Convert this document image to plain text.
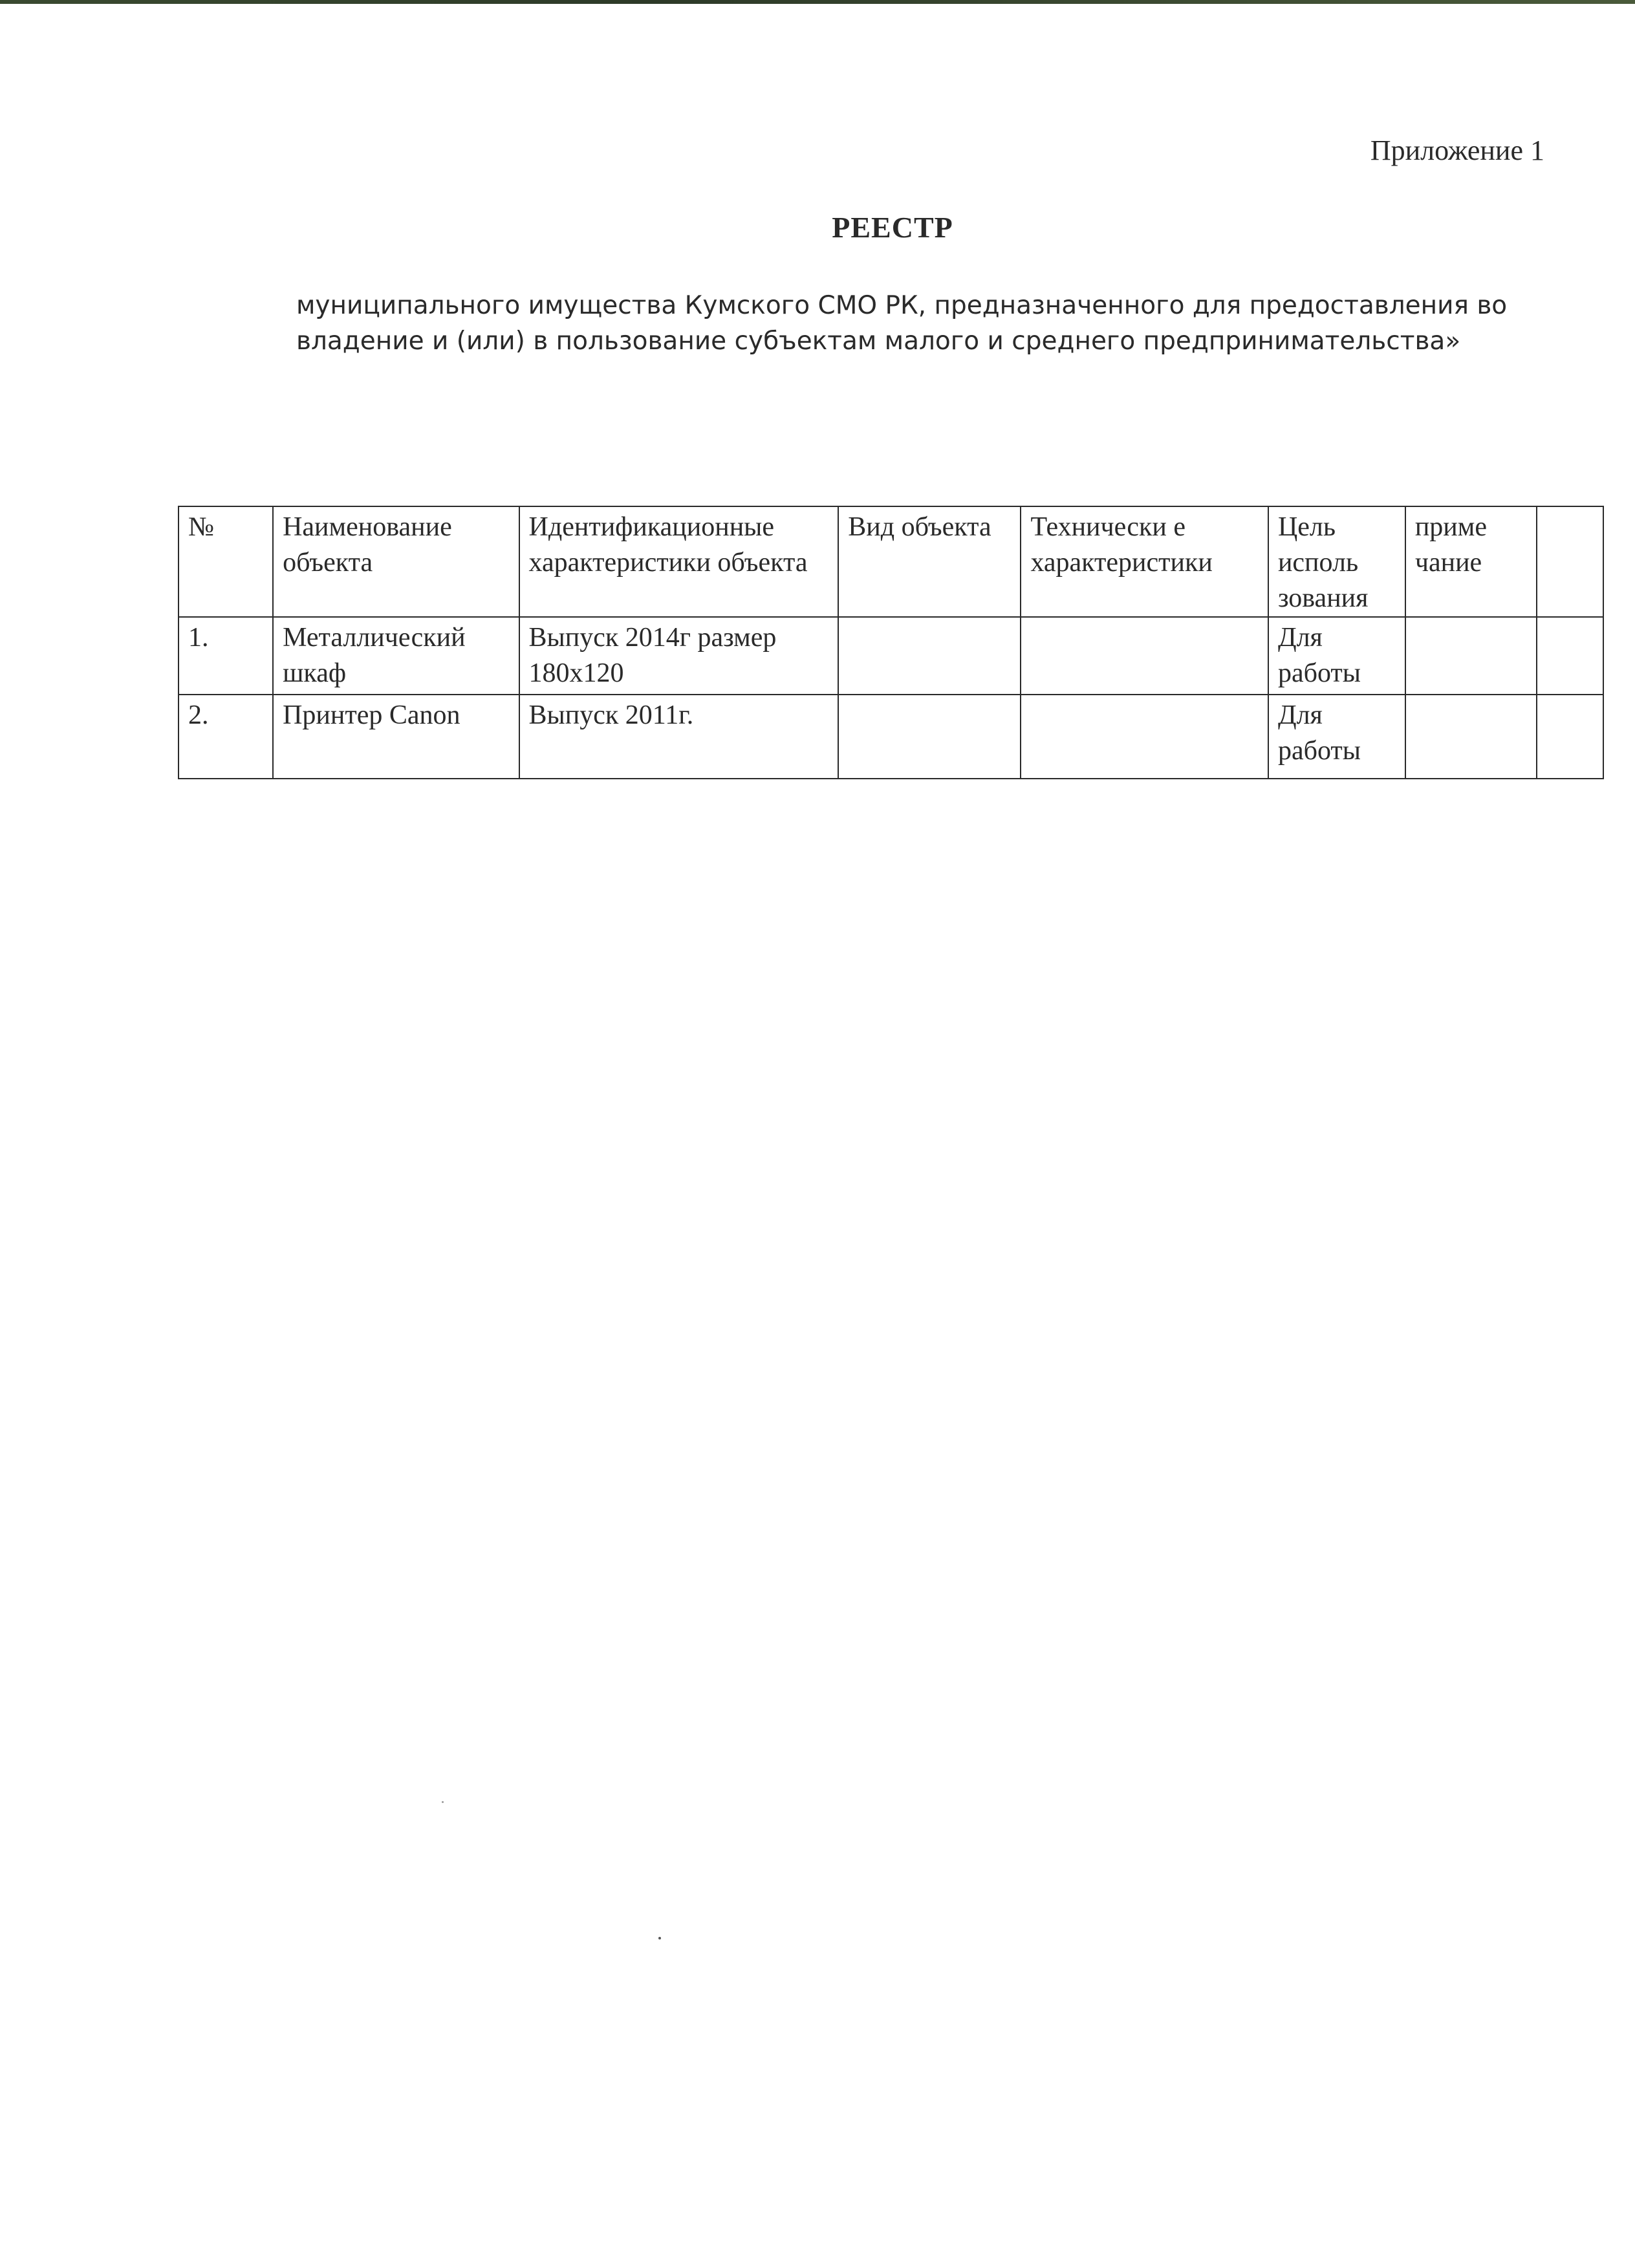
Приложение 1
РЕЕСТР
муниципального имущества Кумского СМО РК, предназначенного для предоставления во владение и (или) в пользование субъектам малого и среднего предпринимательства»
№	Наименование объекта	Идентификационные характеристики объекта	Вид объекта	Технически е характеристики	Цель исполь зования	приме чание	
1.	Металлический шкаф	Выпуск 2014г размер 180х120			Для работы		
2.	Принтер Canon	Выпуск 2011г.			Для работы		
